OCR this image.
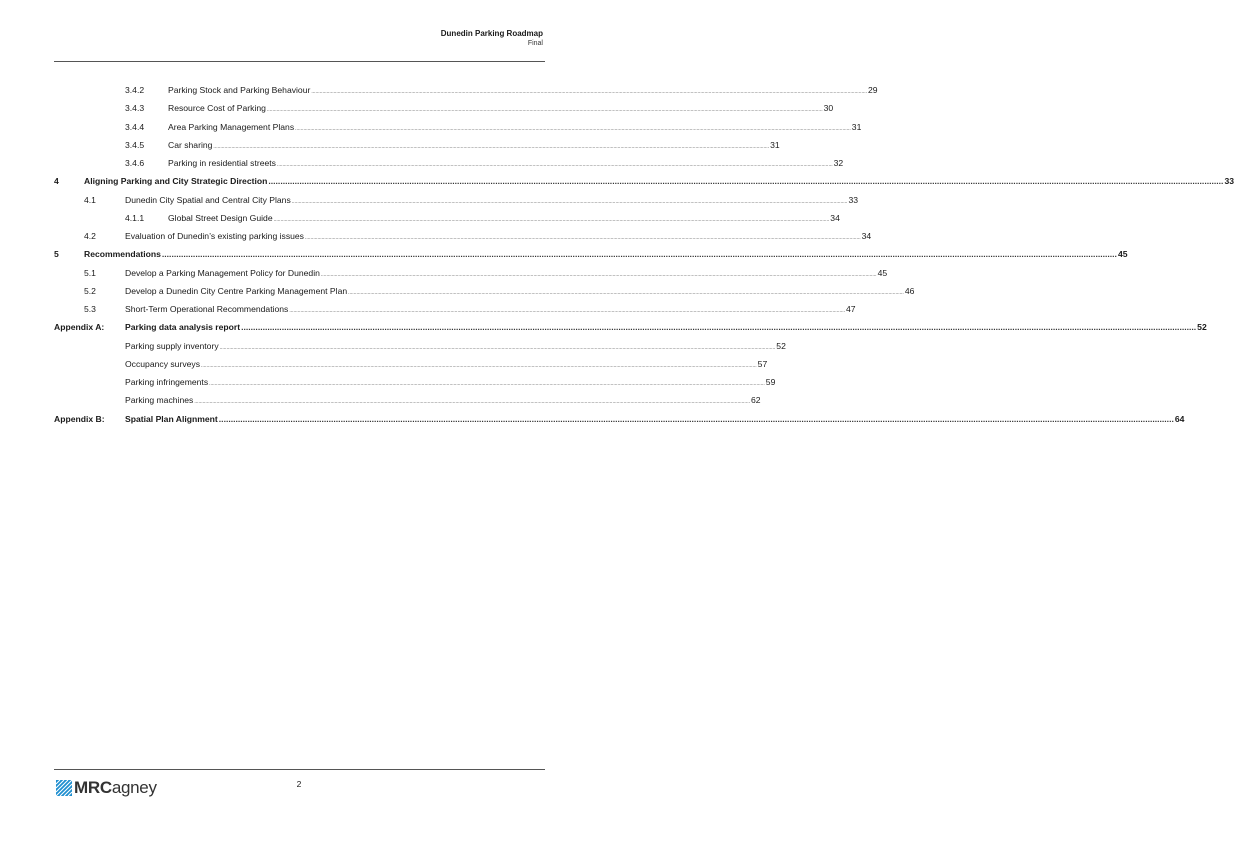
Dunedin Parking Roadmap
Final
3.4.2	Parking Stock and Parking Behaviour ................................................................................................................................................................................................................................................................................................................................................................................................................ 29
3.4.3	Resource Cost of Parking ................................................................................................................................................................................................................................................................................................................................................................................................................ 30
3.4.4	Area Parking Management Plans ................................................................................................................................................................................................................................................................................................................................................................................................................ 31
3.4.5	Car sharing ................................................................................................................................................................................................................................................................................................................................................................................................................ 31
3.4.6	Parking in residential streets ................................................................................................................................................................................................................................................................................................................................................................................................................ 32
4	Aligning Parking and City Strategic Direction ................................................................................................................................................................................................................................................................................................................................................................................................................ 33
4.1	Dunedin City Spatial and Central City Plans ................................................................................................................................................................................................................................................................................................................................................................................................................ 33
4.1.1	Global Street Design Guide ................................................................................................................................................................................................................................................................................................................................................................................................................ 34
4.2	Evaluation of Dunedin’s existing parking issues ................................................................................................................................................................................................................................................................................................................................................................................................................ 34
5	Recommendations ................................................................................................................................................................................................................................................................................................................................................................................................................ 45
5.1	Develop a Parking Management Policy for Dunedin ................................................................................................................................................................................................................................................................................................................................................................................................................ 45
5.2	Develop a Dunedin City Centre Parking Management Plan ................................................................................................................................................................................................................................................................................................................................................................................................................ 46
5.3	Short-Term Operational Recommendations ................................................................................................................................................................................................................................................................................................................................................................................................................ 47
Appendix A: Parking data analysis report ................................................................................................................................................................................................................................................................................................................................................................................................................ 52
Parking supply inventory ................................................................................................................................................................................................................................................................................................................................................................................................................ 52
Occupancy surveys ................................................................................................................................................................................................................................................................................................................................................................................................................ 57
Parking infringements ................................................................................................................................................................................................................................................................................................................................................................................................................ 59
Parking machines ................................................................................................................................................................................................................................................................................................................................................................................................................ 62
Appendix B: Spatial Plan Alignment ................................................................................................................................................................................................................................................................................................................................................................................................................ 64
MRCagney	2
